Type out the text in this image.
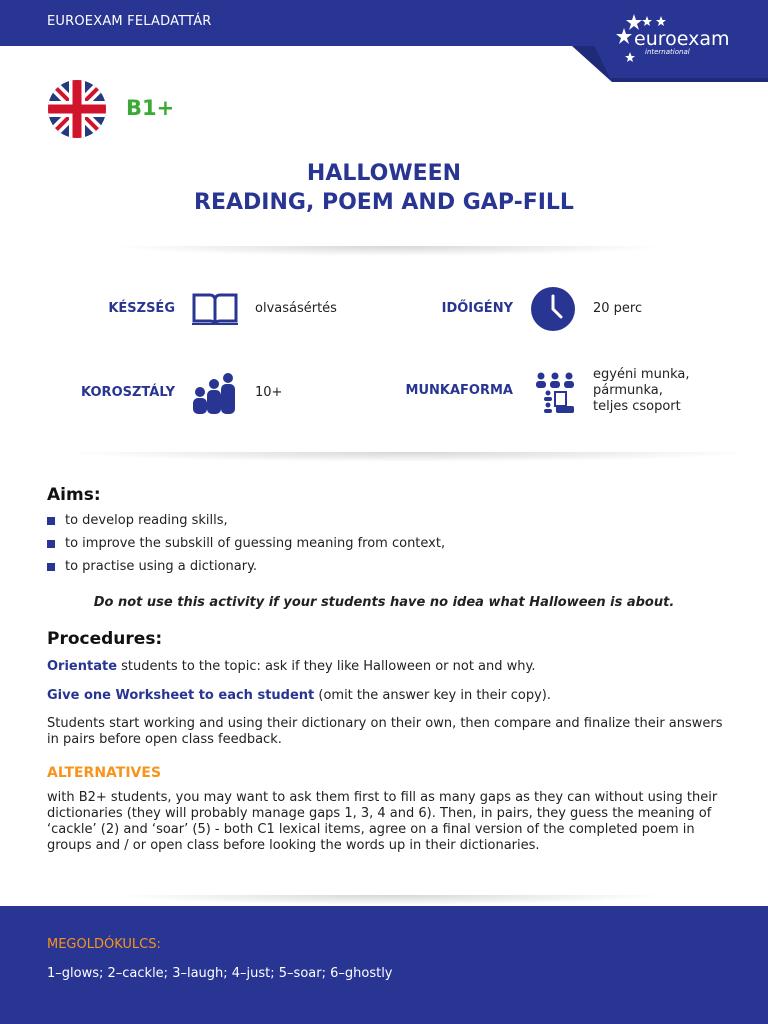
EUROEXAM FELADATTÁR
euroexam
international
B1+
HALLOWEEN
READING, POEM AND GAP-FILL
KÉSZSÉG	olvasásértés	IDŐIGÉNY	20 perc
KOROSZTÁLY	10+	MUNKAFORMA
egyéni munka,
pármunka,
teljes csoport
Aims:
to develop reading skills,
to improve the subskill of guessing meaning from context,
to practise using a dictionary.
Do not use this activity if your students have no idea what Halloween is about.
Procedures:
Orientate students to the topic: ask if they like Halloween or not and why.
Give one Worksheet to each student (omit the answer key in their copy).
Students start working and using their dictionary on their own, then compare and finalize their answers in pairs before open class feedback.
ALTERNATIVES
with B2+ students, you may want to ask them first to fill as many gaps as they can without using their dictionaries (they will probably manage gaps 1, 3, 4 and 6). Then, in pairs, they guess the meaning of ‘cackle’ (2) and ‘soar’ (5) - both C1 lexical items, agree on a final version of the completed poem in groups and / or open class before looking the words up in their dictionaries.
MEGOLDÓKULCS:
1–glows; 2–cackle; 3–laugh; 4–just; 5–soar; 6–ghostly
